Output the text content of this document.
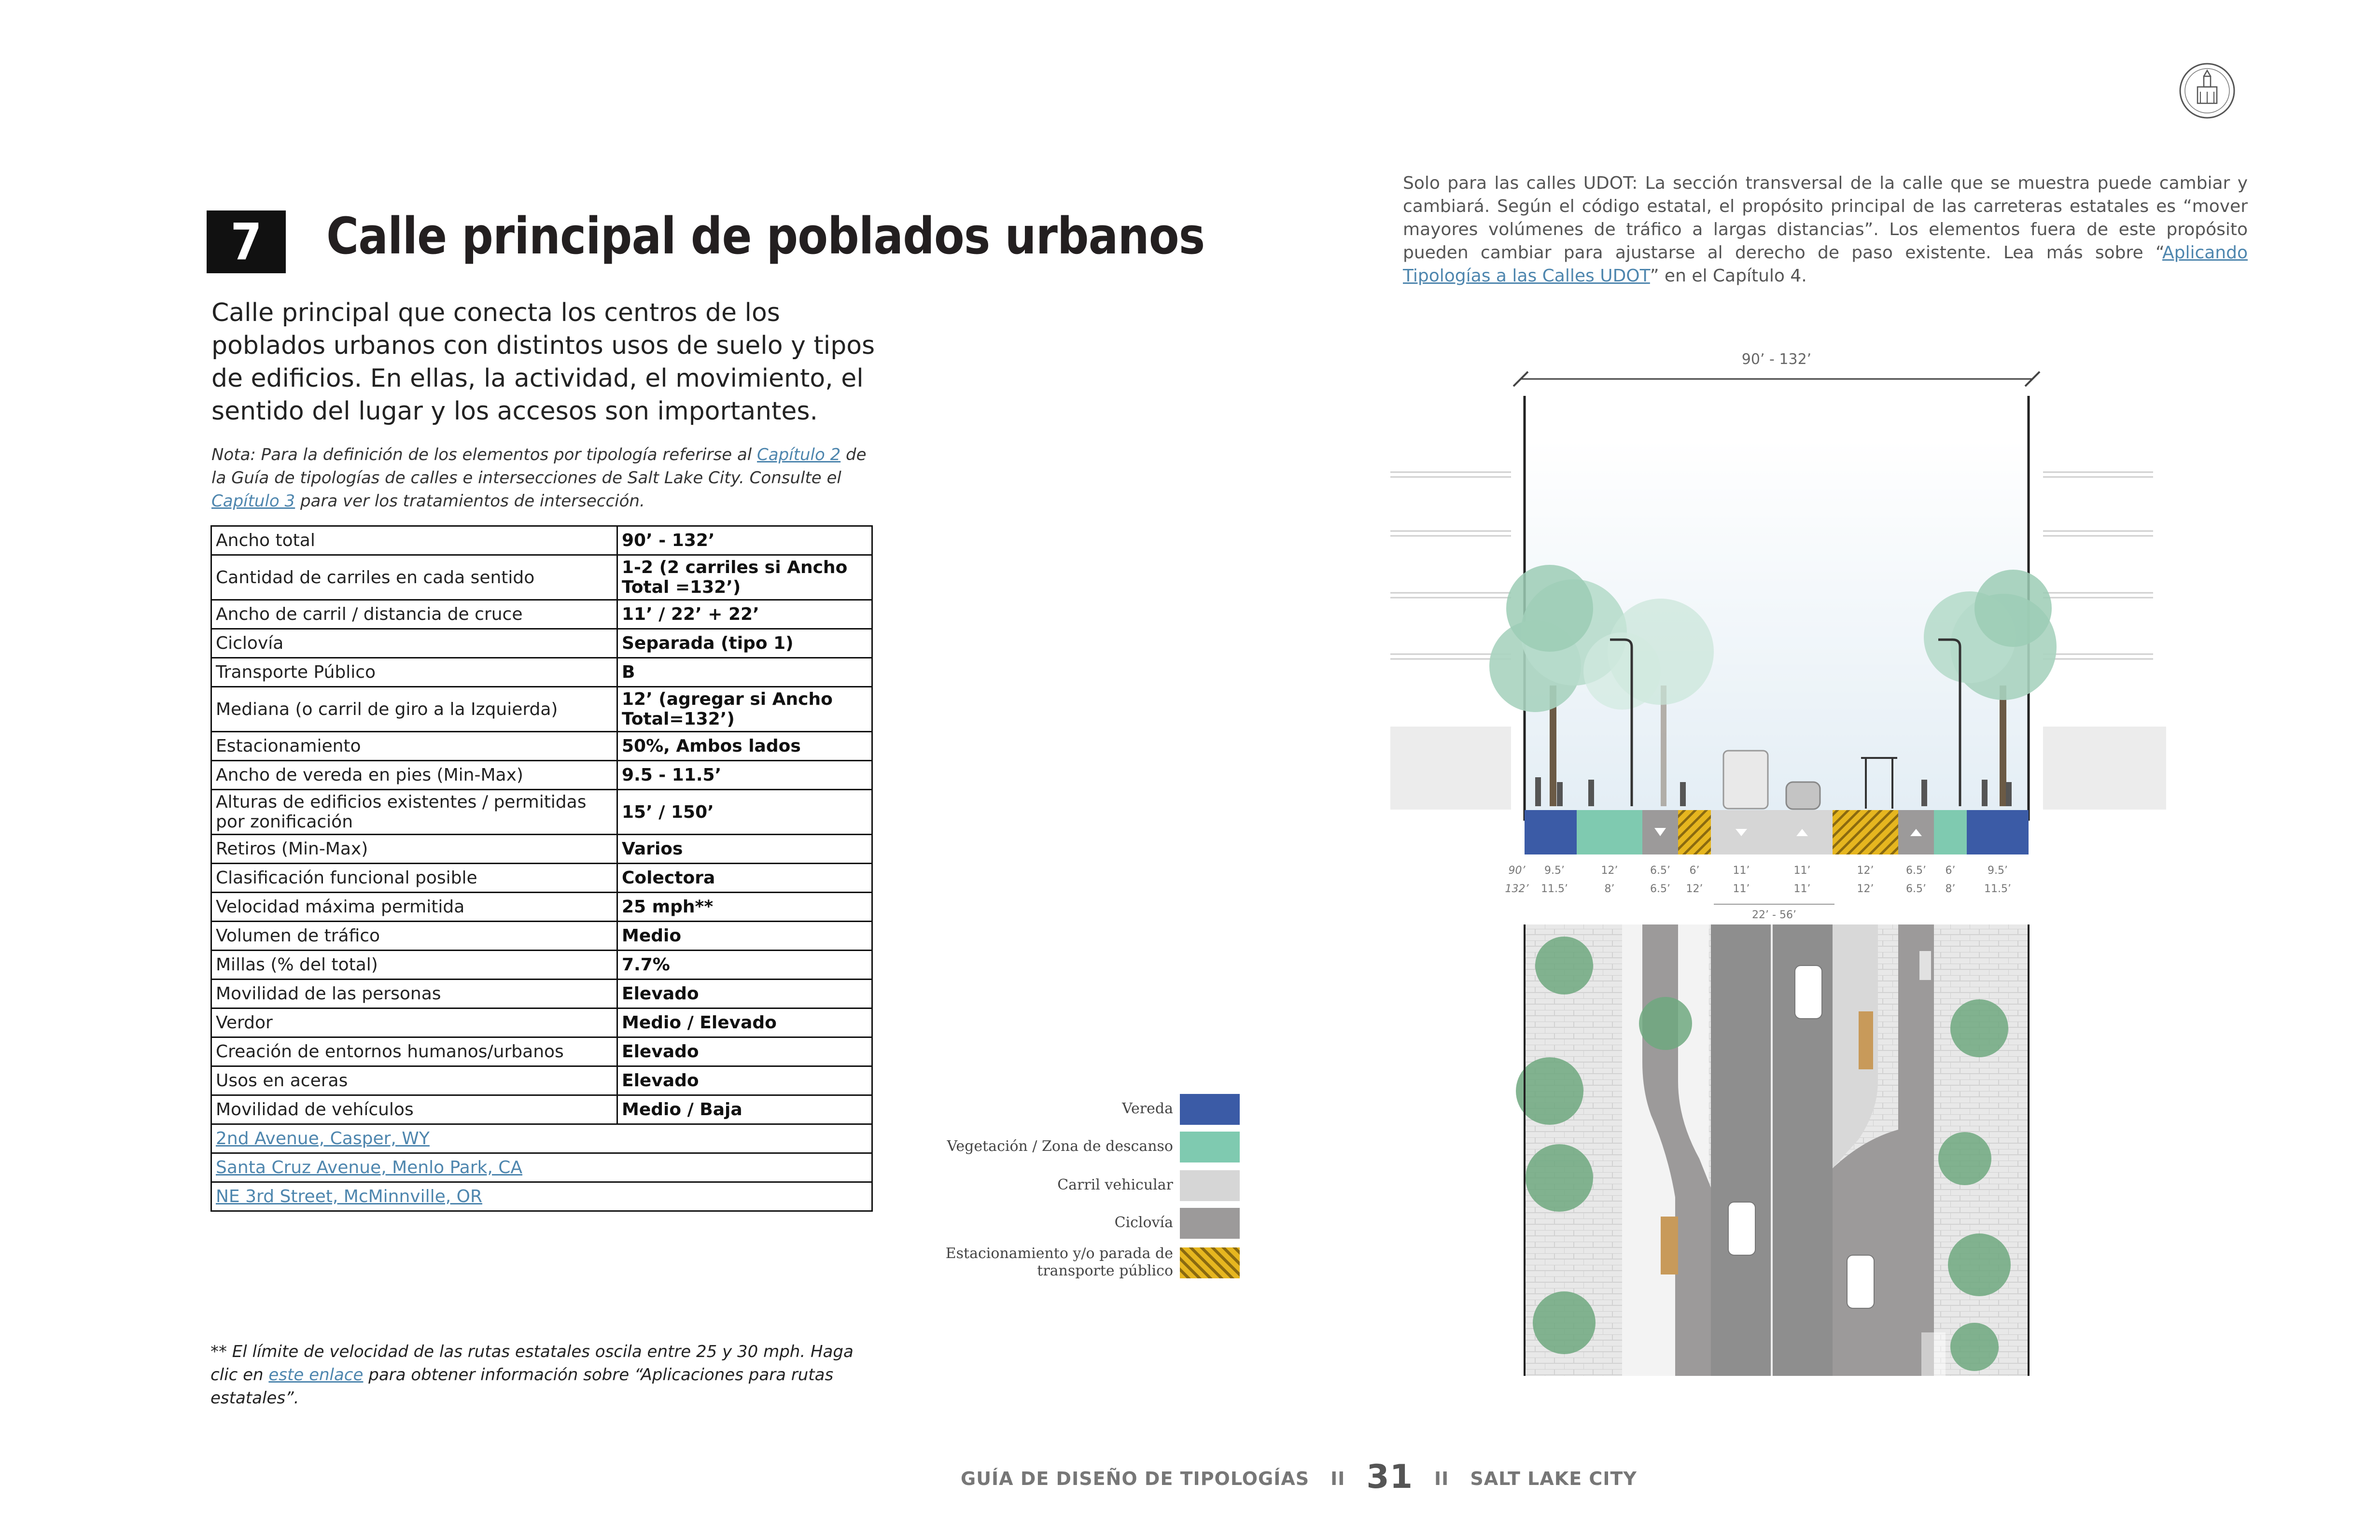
7 Calle principal de poblados urbanos
Calle principal que conecta los centros de los poblados urbanos con distintos usos de suelo y tipos de edificios. En ellas, la actividad, el movimiento, el sentido del lugar y los accesos son importantes.
Nota: Para la definición de los elementos por tipología referirse al Capítulo 2 de la Guía de tipologías de calles e intersecciones de Salt Lake City. Consulte el Capítulo 3 para ver los tratamientos de intersección.
Ancho total	90’ - 132’
Cantidad de carriles en cada sentido	1-2 (2 carriles si Ancho Total =132’)
Ancho de carril / distancia de cruce	11’ / 22’ + 22’
Ciclovía	Separada (tipo 1)
Transporte Público	B
Mediana (o carril de giro a la Izquierda)	12’ (agregar si Ancho Total=132’)
Estacionamiento	50%, Ambos lados
Ancho de vereda en pies (Min-Max)	9.5 - 11.5’
Alturas de edificios existentes / permitidas por zonificación	15’ / 150’
Retiros (Min-Max)	Varios
Clasificación funcional posible	Colectora
Velocidad máxima permitida	25 mph**
Volumen de tráfico	Medio
Millas (% del total)	7.7%
Movilidad de las personas	Elevado
Verdor	Medio / Elevado
Creación de entornos humanos/urbanos	Elevado
Usos en aceras	Elevado
Movilidad de vehículos	Medio / Baja
2nd Avenue, Casper, WY	
Santa Cruz Avenue, Menlo Park, CA	
NE 3rd Street, McMinnville, OR	
** El límite de velocidad de las rutas estatales oscila entre 25 y 30 mph. Haga clic en este enlace para obtener información sobre “Aplicaciones para rutas estatales”.
Solo para las calles UDOT: La sección transversal de la calle que se muestra puede cambiar y cambiará. Según el código estatal, el propósito principal de las carreteras estatales es “mover mayores volúmenes de tráfico a largas distancias”. Los elementos fuera de este propósito pueden cambiar para ajustarse al derecho de paso existente. Lea más sobre “Aplicando Tipologías a las Calles UDOT” en el Capítulo 4.
90’ - 132’
90’
132’
9.5’
11.5’
12’
8’
6.5’
6.5’
6’
12’
11’
11’
11’
11’
12’
12’
6.5’
6.5’
6’
8’
9.5’
11.5’
22’ - 56’
Vereda
Vegetación / Zona de descanso
Carril vehicular
Ciclovía
Estacionamiento y/o parada de transporte público
GUÍA DE DISEÑO DE TIPOLOGÍAS II 31 II SALT LAKE CITY
